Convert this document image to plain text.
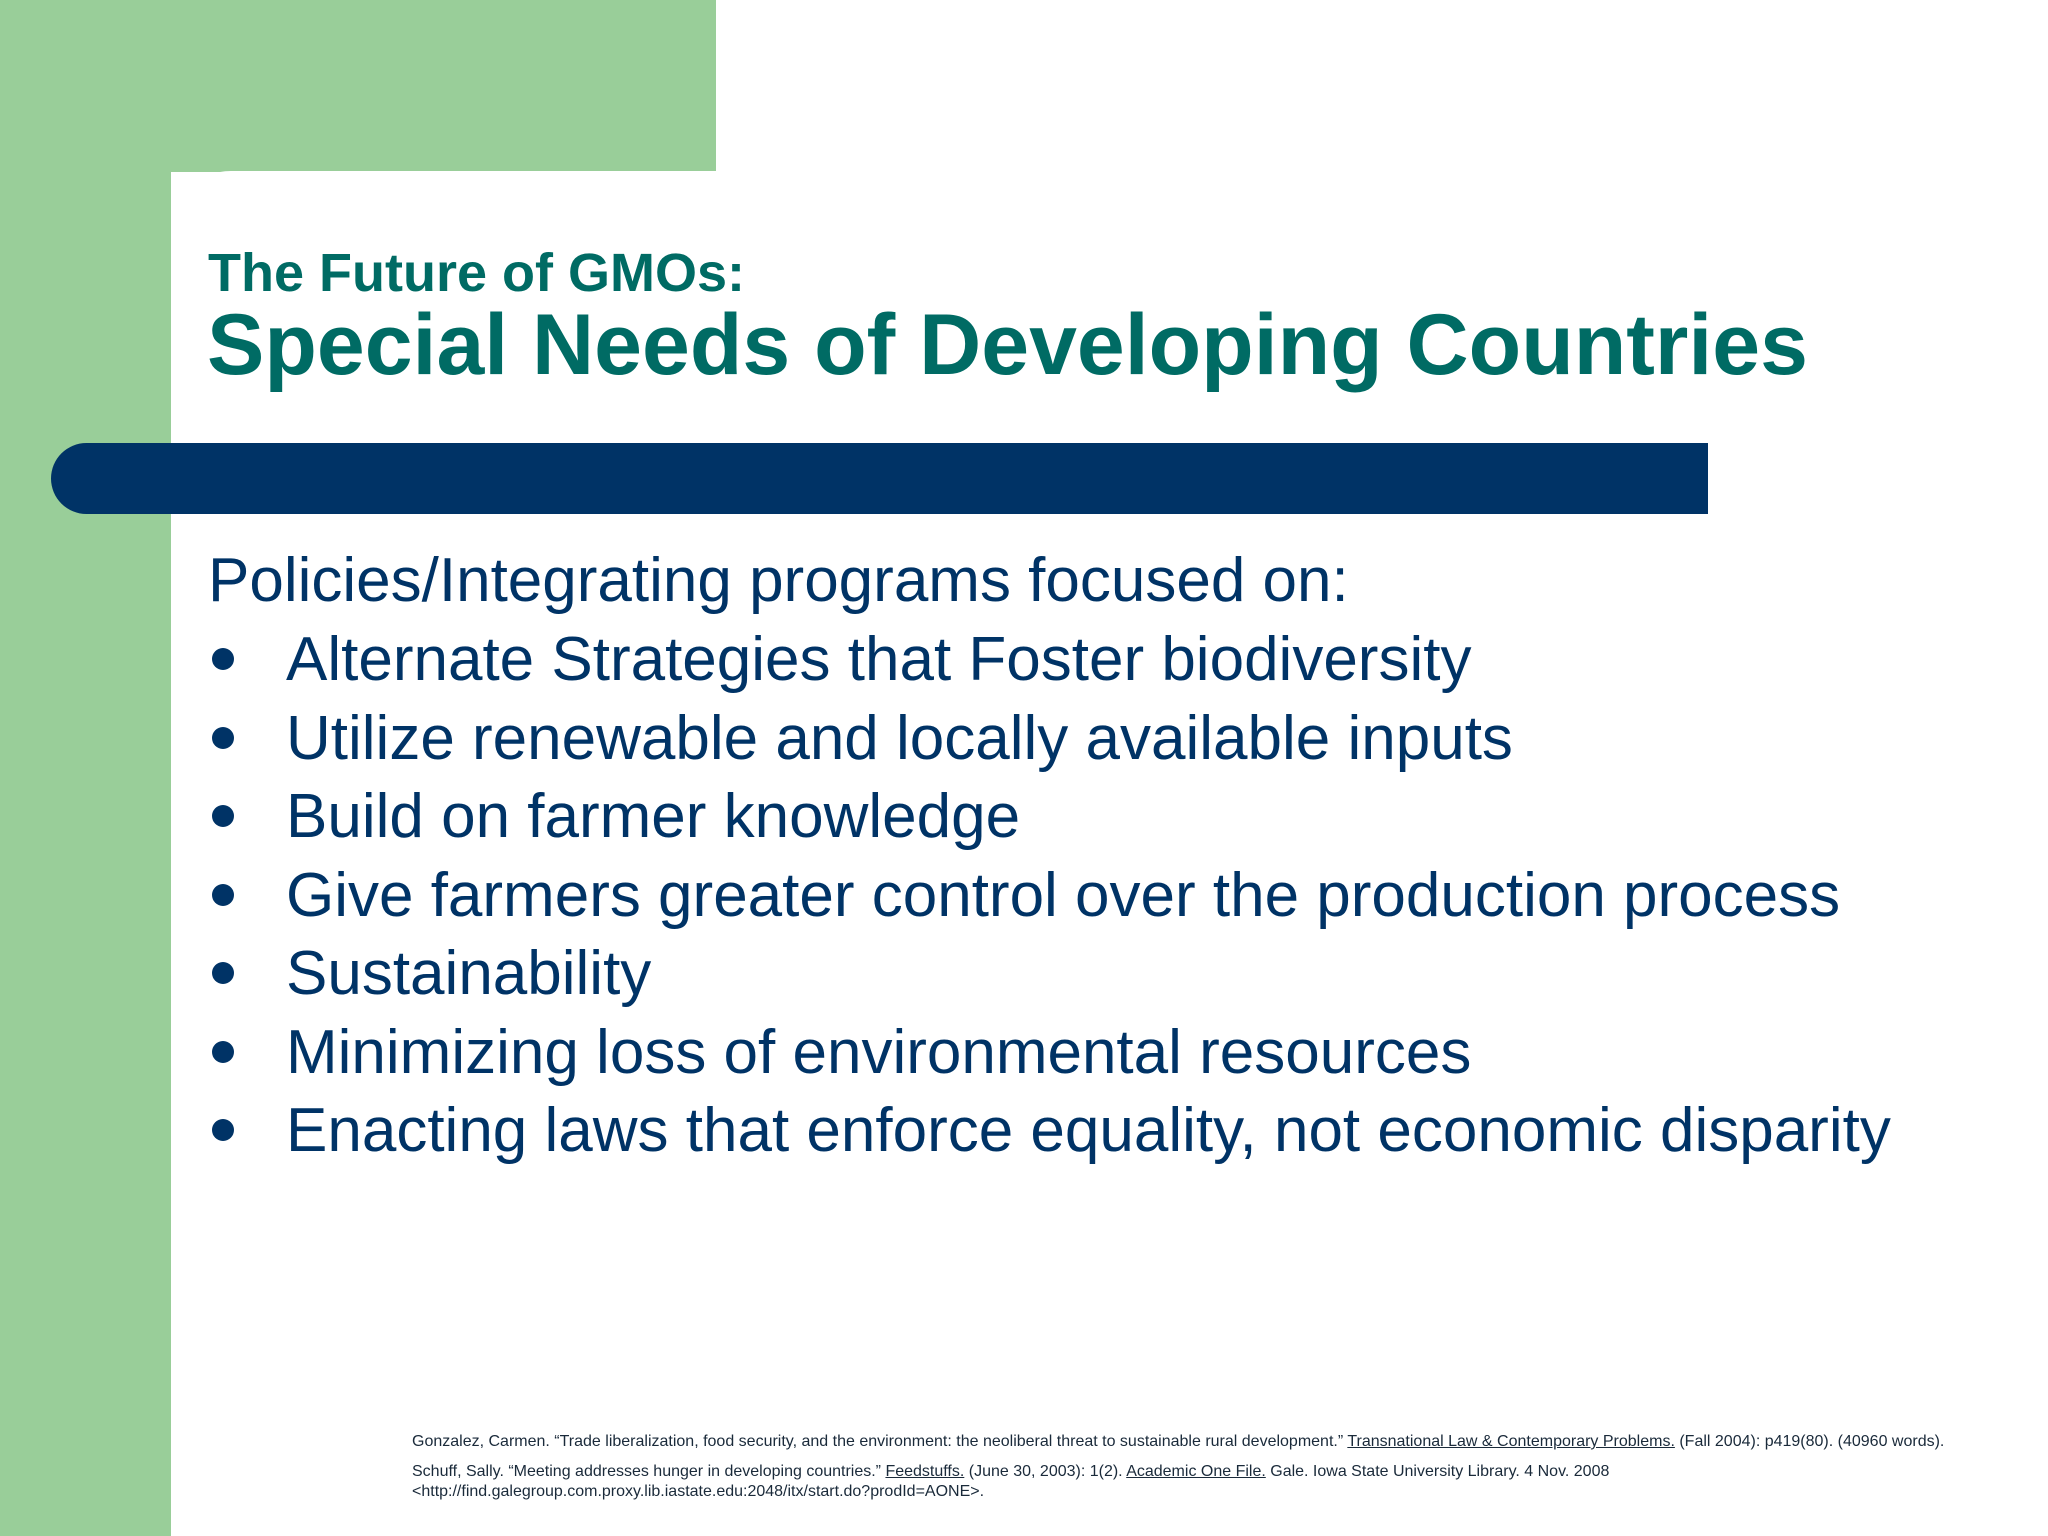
The Future of GMOs:
Special Needs of Developing Countries
Policies/Integrating programs focused on:
Alternate Strategies that Foster biodiversity
Utilize renewable and locally available inputs
Build on farmer knowledge
Give farmers greater control over the production process
Sustainability
Minimizing loss of environmental resources
Enacting laws that enforce equality, not economic disparity

Gonzalez, Carmen. “Trade liberalization, food security, and the environment: the neoliberal threat to sustainable rural development.” Transnational Law & Contemporary Problems. (Fall 2004): p419(80). (40960 words).

Schuff, Sally. “Meeting addresses hunger in developing countries.” Feedstuffs. (June 30, 2003): 1(2). Academic One File. Gale. Iowa State University Library. 4 Nov. 2008 <http://find.galegroup.com.proxy.lib.iastate.edu:2048/itx/start.do?prodId=AONE>.
